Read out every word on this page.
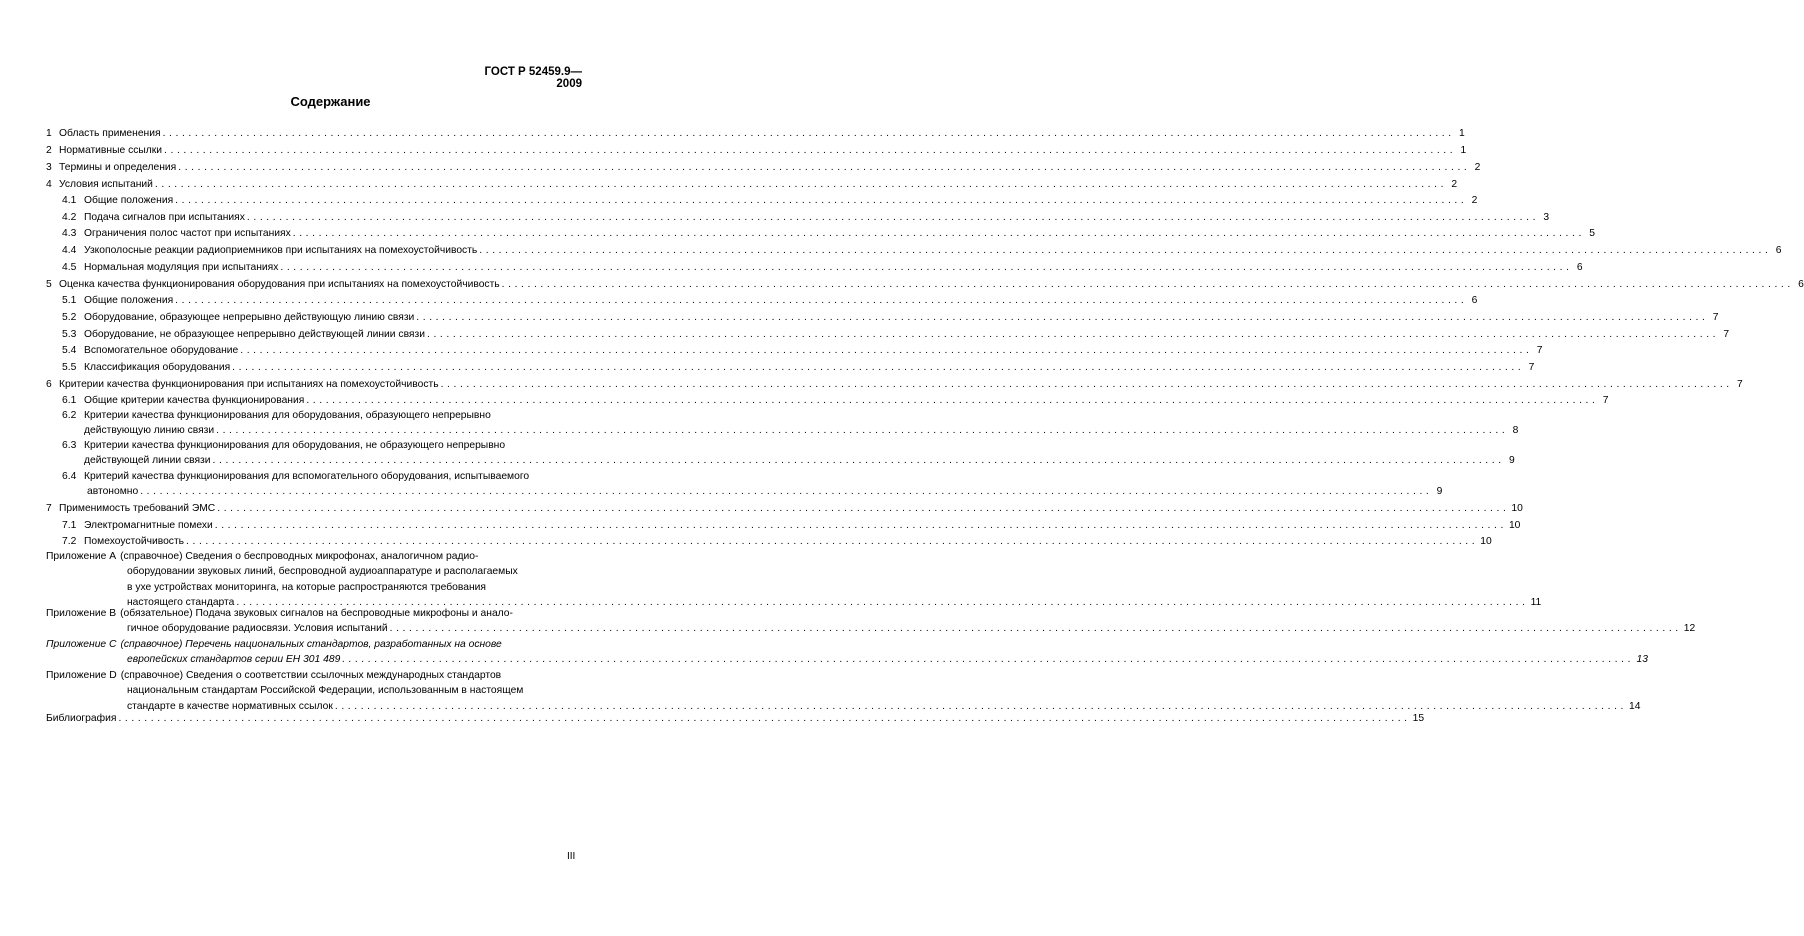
ГОСТ Р 52459.9—2009
Содержание
1 Область применения ........................................................................................................................................................................................................ 1
2 Нормативные ссылки ........................................................................................................................................................................................................ 1
3 Термины и определения ........................................................................................................................................................................................................ 2
4 Условия испытаний ........................................................................................................................................................................................................ 2
4.1 Общие положения ........................................................................................................................................................................................................ 2
4.2 Подача сигналов при испытаниях ........................................................................................................................................................................................................ 3
4.3 Ограничения полос частот при испытаниях ........................................................................................................................................................................................................ 5
4.4 Узкополосные реакции радиоприемников при испытаниях на помехоустойчивость ........................................................................................................................................................................................................ 6
4.5 Нормальная модуляция при испытаниях ........................................................................................................................................................................................................ 6
5 Оценка качества функционирования оборудования при испытаниях на помехоустойчивость ........................................................................................................................................................................................................ 6
5.1 Общие положения ........................................................................................................................................................................................................ 6
5.2 Оборудование, образующее непрерывно действующую линию связи ........................................................................................................................................................................................................ 7
5.3 Оборудование, не образующее непрерывно действующей линии связи ........................................................................................................................................................................................................ 7
5.4 Вспомогательное оборудование ........................................................................................................................................................................................................ 7
5.5 Классификация оборудования ........................................................................................................................................................................................................ 7
6 Критерии качества функционирования при испытаниях на помехоустойчивость ........................................................................................................................................................................................................ 7
6.1 Общие критерии качества функционирования ........................................................................................................................................................................................................ 7
6.2 Критерии качества функционирования для оборудования, образующего непрерывно
действующую линию связи ........................................................................................................................................................................................................ 8
6.3 Критерии качества функционирования для оборудования, не образующего непрерывно
действующей линии связи ........................................................................................................................................................................................................ 9
6.4 Критерий качества функционирования для вспомогательного оборудования, испытываемого
автономно ........................................................................................................................................................................................................ 9
7 Применимость требований ЭМС ........................................................................................................................................................................................................ 10
7.1 Электромагнитные помехи ........................................................................................................................................................................................................ 10
7.2 Помехоустойчивость ........................................................................................................................................................................................................ 10
Приложение А (справочное) Сведения о беспроводных микрофонах, аналогичном радио-
оборудовании звуковых линий, беспроводной аудиоаппаратуре и располагаемых
в ухе устройствах мониторинга, на которые распространяются требования
настоящего стандарта ........................................................................................................................................................................................................ 11
Приложение В (обязательное) Подача звуковых сигналов на беспроводные микрофоны и анало-
гичное оборудование радиосвязи. Условия испытаний ........................................................................................................................................................................................................ 12
Приложение С (справочное) Перечень национальных стандартов, разработанных на основе
европейских стандартов серии ЕН 301 489 ........................................................................................................................................................................................................ 13
Приложение D (справочное) Сведения о соответствии ссылочных международных стандартов
национальным стандартам Российской Федерации, использованным в настоящем
стандарте в качестве нормативных ссылок ........................................................................................................................................................................................................ 14
Библиография ........................................................................................................................................................................................................ 15
III
